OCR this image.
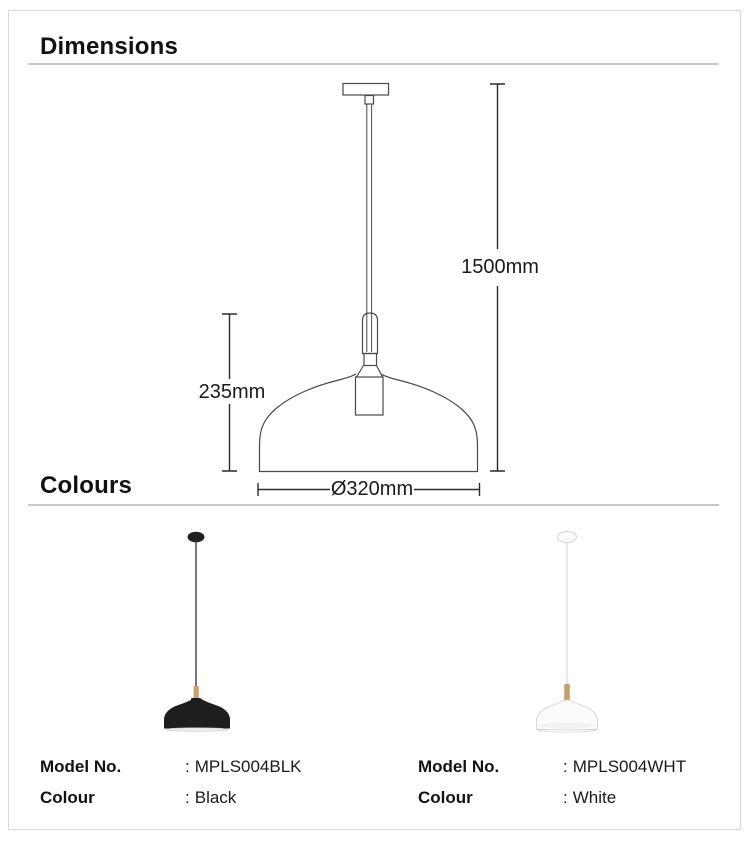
Dimensions
1500mm
235mm
Ø320mm
Colours
Model No.	: MPLS004BLK
Colour	: Black
Model No.	: MPLS004WHT
Colour	: White
